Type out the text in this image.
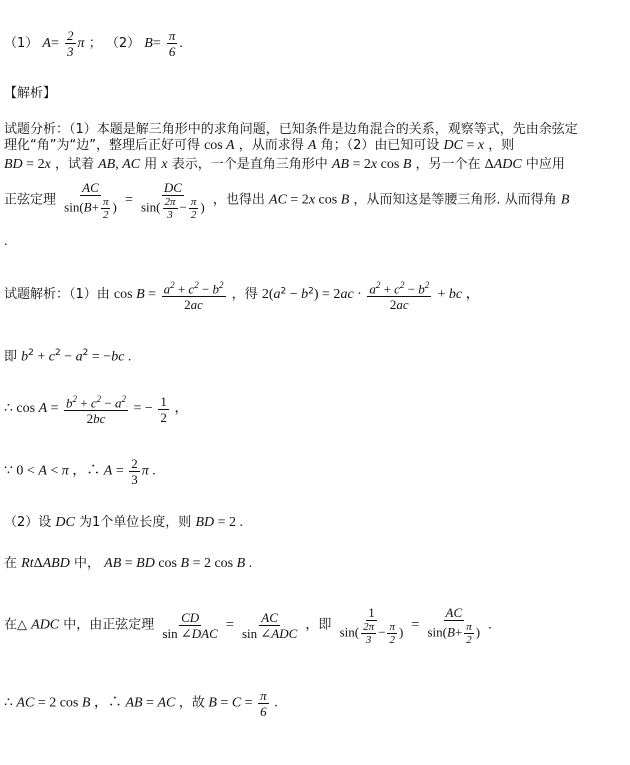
（1） $A= \frac{2}{3}$ π ； （2） $B= \frac{\pi}{6}$ .
【解析】
试题分析：（1）本题是解三角形中的求角问题，已知条件是边角混合的关系，观察等式，先由余弦定
理化“角”为“边”，整理后正好可得 cos A ，从而求得 A 角；（2）由已知可设 DC = x ，则
BD = 2x ，试着 AB, AC 用 x 表示，一个是直角三角形中 AB = 2x cos B ，另一个在 ΔADC 中应用
正弦定理 $\frac{AC}{\sin(B+ \frac{\pi}{2} )} = \frac{DC}{\sin( \frac{2\pi}{3} - \frac{\pi}{2} )}$ ，也得出 AC = 2x cos B ，从而知这是等腰三角形. 从而得角 B
.
试题解析：（1）由 $\cos B = \frac{a^2 + c^2 - b^2}{2ac}$ ，得 $2(a^2 - b^2) = 2ac \cdot \frac{a^2 + c^2 - b^2}{2ac}$ + bc ，
即 $b^2 + c^2 - a^2 = -bc$ .
∴ $\cos A = \frac{b^2 + c^2 - a^2}{2bc}$ = − $\frac{1}{2}$ ，
∵ 0 < A < π ，∴ $A = \frac{2}{3}$ π .
（2）设 DC 为1个单位长度，则 BD = 2 .
在 RtΔABD 中， AB = BD cos B = 2 cos B .
在△ ADC 中，由正弦定理 $\frac{CD}{\text{sin ∠DAC}} = \frac{AC}{\text{sin ∠ADC}}$ ，即 $\frac{1}{\sin( \frac{2\pi}{3} - \frac{\pi}{2} )} = \frac{AC}{\sin(B+ \frac{\pi}{2} )}$ .
∴ AC = 2 cos B ，∴ AB = AC ，故 $B = C = \frac{\pi}{6}$ .
